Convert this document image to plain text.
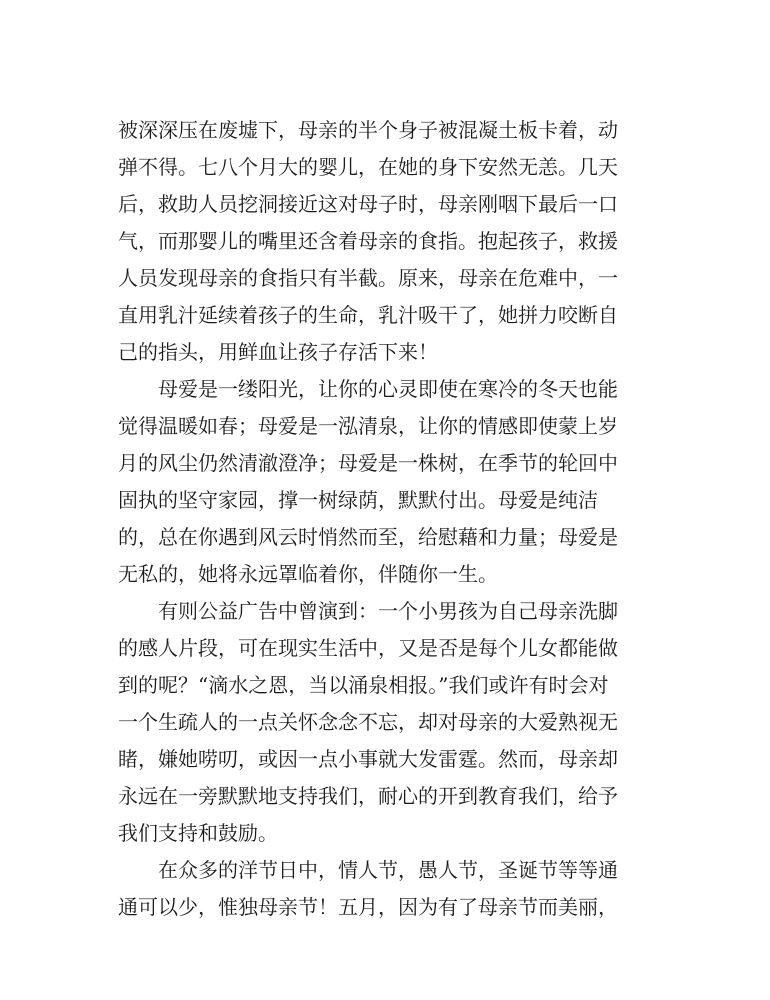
被深深压在废墟下，母亲的半个身子被混凝土板卡着，动
弹不得。七八个月大的婴儿，在她的身下安然无恙。几天
后，救助人员挖洞接近这对母子时，母亲刚咽下最后一口
气，而那婴儿的嘴里还含着母亲的食指。抱起孩子，救援
人员发现母亲的食指只有半截。原来，母亲在危难中，一
直用乳汁延续着孩子的生命，乳汁吸干了，她拼力咬断自
己的指头，用鲜血让孩子存活下来！
母爱是一缕阳光，让你的心灵即使在寒冷的冬天也能
觉得温暖如春；母爱是一泓清泉，让你的情感即使蒙上岁
月的风尘仍然清澈澄净；母爱是一株树，在季节的轮回中
固执的坚守家园，撑一树绿荫，默默付出。母爱是纯洁
的，总在你遇到风云时悄然而至，给慰藉和力量；母爱是
无私的，她将永远罩临着你，伴随你一生。
有则公益广告中曾演到：一个小男孩为自己母亲洗脚
的感人片段，可在现实生活中，又是否是每个儿女都能做
到的呢？“滴水之恩，当以涌泉相报。”我们或许有时会对
一个生疏人的一点关怀念念不忘，却对母亲的大爱熟视无
睹，嫌她唠叨，或因一点小事就大发雷霆。然而，母亲却
永远在一旁默默地支持我们，耐心的开到教育我们，给予
我们支持和鼓励。
在众多的洋节日中，情人节，愚人节，圣诞节等等通
通可以少，惟独母亲节！五月，因为有了母亲节而美丽，
